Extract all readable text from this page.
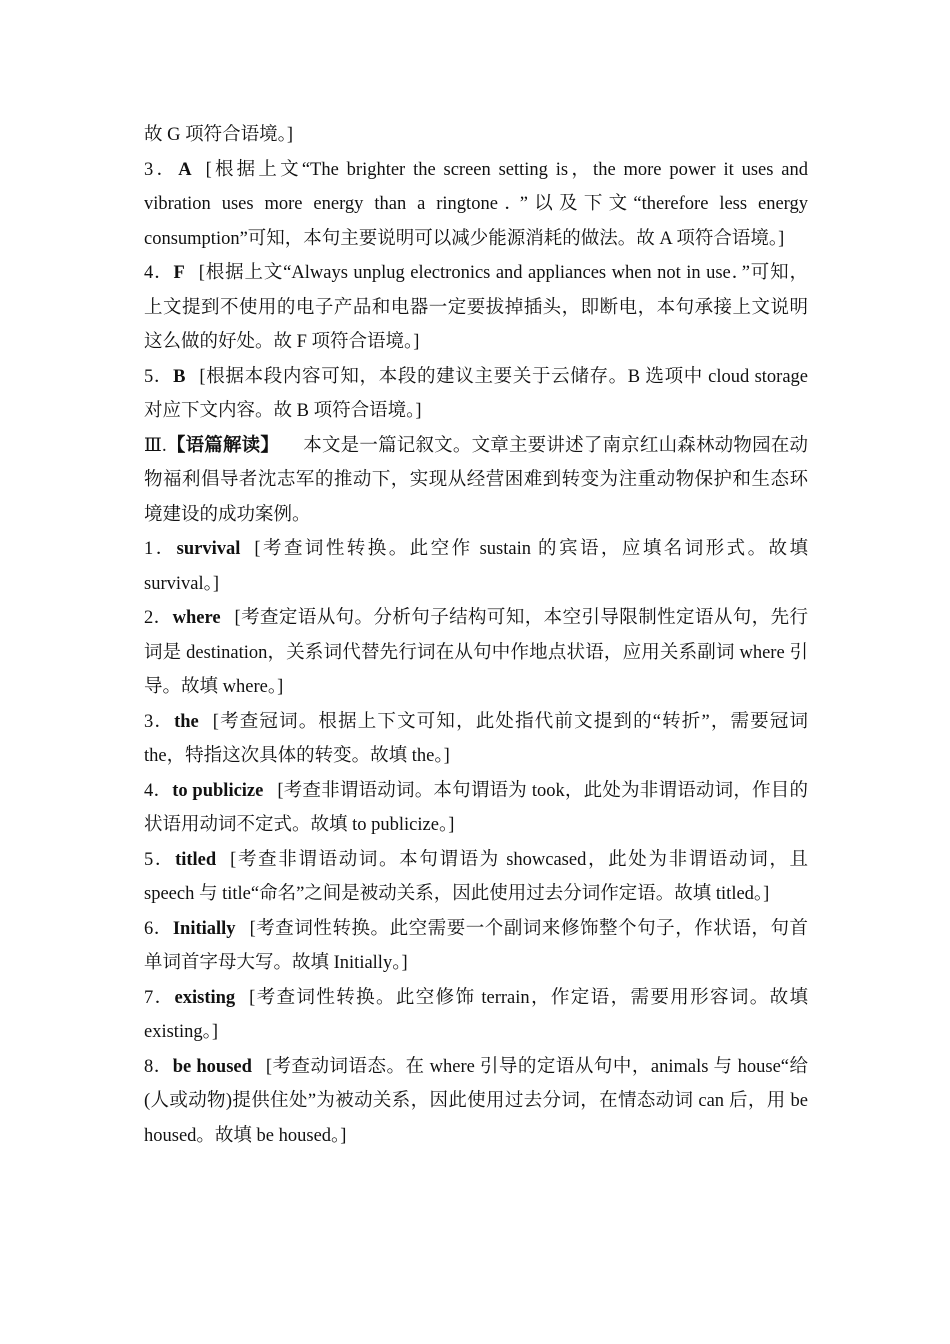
故 G 项符合语境。]

3．A [根据上文“The brighter the screen setting is，the more power it uses and vibration uses more energy than a ringtone．”以及下文“therefore less energy consumption”可知，本句主要说明可以减少能源消耗的做法。故 A 项符合语境。]

4．F [根据上文“Always unplug electronics and appliances when not in use．”可知，上文提到不使用的电子产品和电器一定要拔掉插头，即断电，本句承接上文说明这么做的好处。故 F 项符合语境。]

5．B [根据本段内容可知，本段的建议主要关于云储存。B 选项中 cloud storage 对应下文内容。故 B 项符合语境。]

Ⅲ.【语篇解读】 本文是一篇记叙文。文章主要讲述了南京红山森林动物园在动物福利倡导者沈志军的推动下，实现从经营困难到转变为注重动物保护和生态环境建设的成功案例。

1．survival [考查词性转换。此空作 sustain 的宾语，应填名词形式。故填 survival。]

2．where [考查定语从句。分析句子结构可知，本空引导限制性定语从句，先行词是 destination，关系词代替先行词在从句中作地点状语，应用关系副词 where 引导。故填 where。]

3．the [考查冠词。根据上下文可知，此处指代前文提到的“转折”，需要冠词 the，特指这次具体的转变。故填 the。]

4．to publicize [考查非谓语动词。本句谓语为 took，此处为非谓语动词，作目的状语用动词不定式。故填 to publicize。]

5．titled [考查非谓语动词。本句谓语为 showcased，此处为非谓语动词，且 speech 与 title“命名”之间是被动关系，因此使用过去分词作定语。故填 titled。]

6．Initially [考查词性转换。此空需要一个副词来修饰整个句子，作状语，句首单词首字母大写。故填 Initially。]

7．existing [考查词性转换。此空修饰 terrain，作定语，需要用形容词。故填 existing。]

8．be housed [考查动词语态。在 where 引导的定语从句中，animals 与 house“给(人或动物)提供住处”为被动关系，因此使用过去分词，在情态动词 can 后，用 be housed。故填 be housed。]
